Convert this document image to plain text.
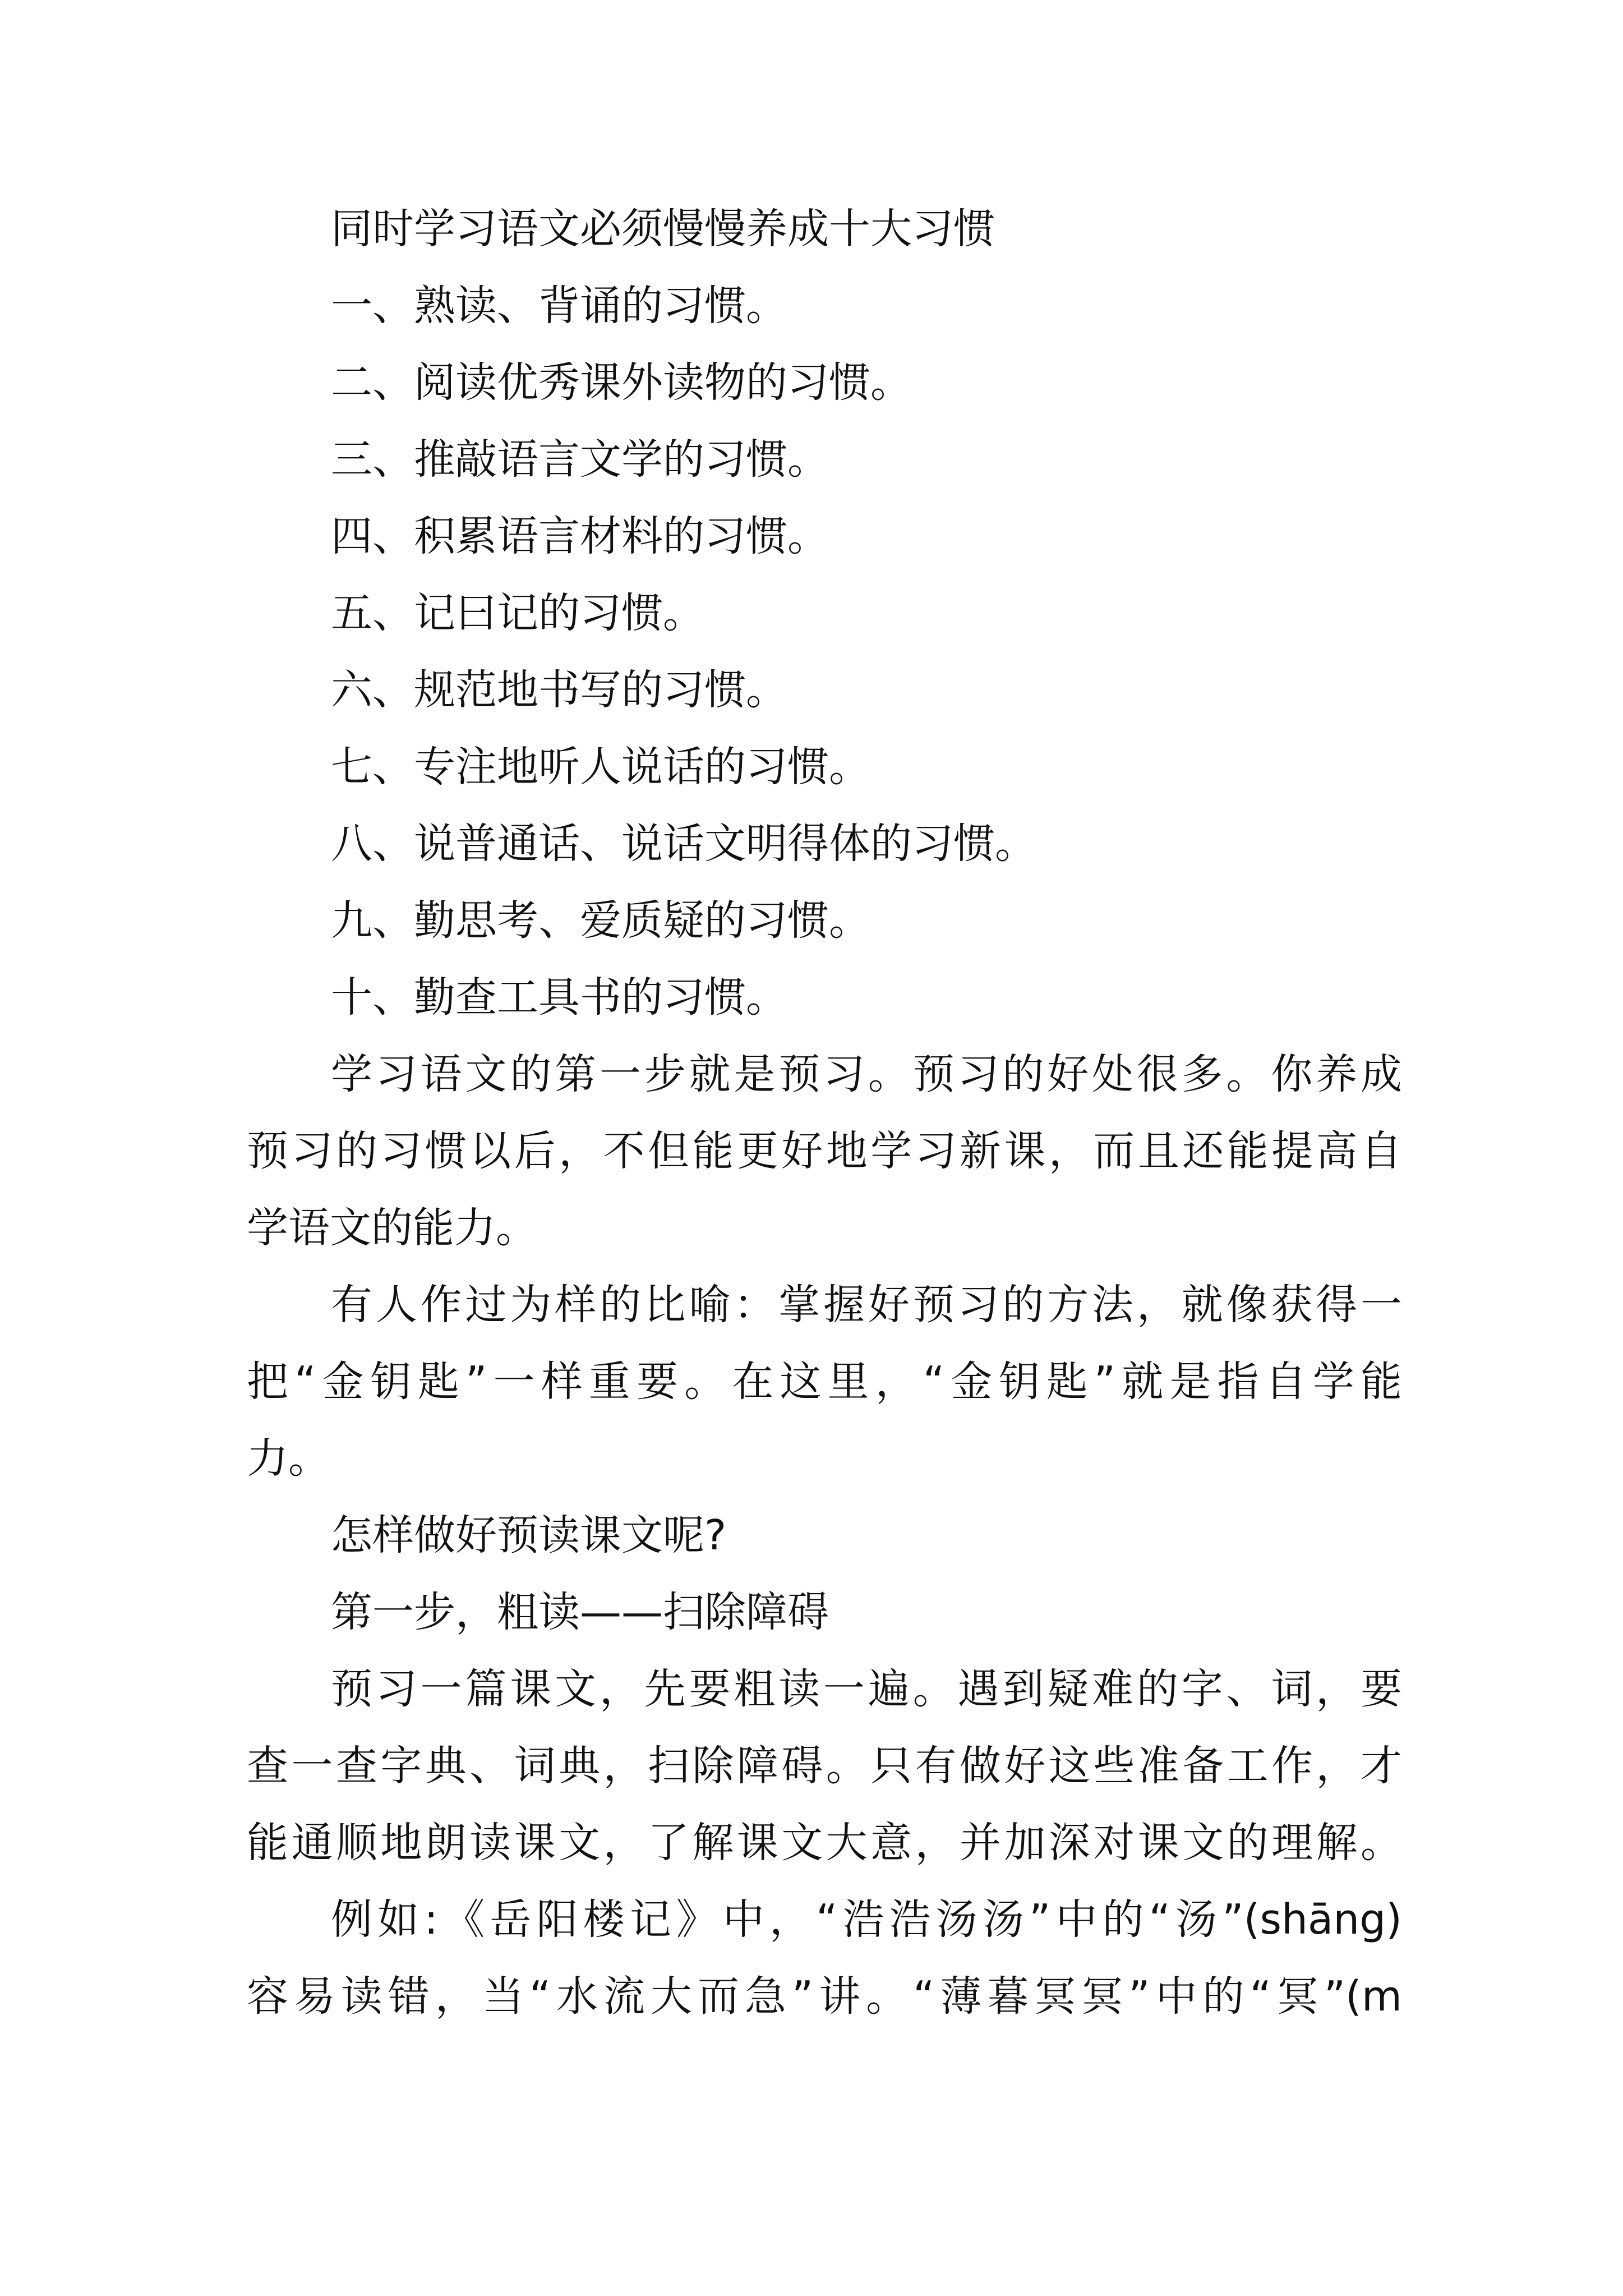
同时学习语文必须慢慢养成十大习惯
一、熟读、背诵的习惯。
二、阅读优秀课外读物的习惯。
三、推敲语言文学的习惯。
四、积累语言材料的习惯。
五、记曰记的习惯。
六、规范地书写的习惯。
七、专注地听人说话的习惯。
八、说普通话、说话文明得体的习惯。
九、勤思考、爱质疑的习惯。
十、勤查工具书的习惯。
学习语文的第一步就是预习。预习的好处很多。你养成
预习的习惯以后，不但能更好地学习新课，而且还能提高自
学语文的能力。
有人作过为样的比喻：掌握好预习的方法，就像获得一
把“金钥匙”一样重要。在这里，“金钥匙”就是指自学能
力。
怎样做好预读课文呢?
第一步，粗读——扫除障碍
预习一篇课文，先要粗读一遍。遇到疑难的字、词，要
查一查字典、词典，扫除障碍。只有做好这些准备工作，才
能通顺地朗读课文，了解课文大意，并加深对课文的理解。
例如:《岳阳楼记》中，“浩浩汤汤”中的“汤”(shāng)
容易读错，当“水流大而急”讲。“薄暮冥冥”中的“冥”(m
